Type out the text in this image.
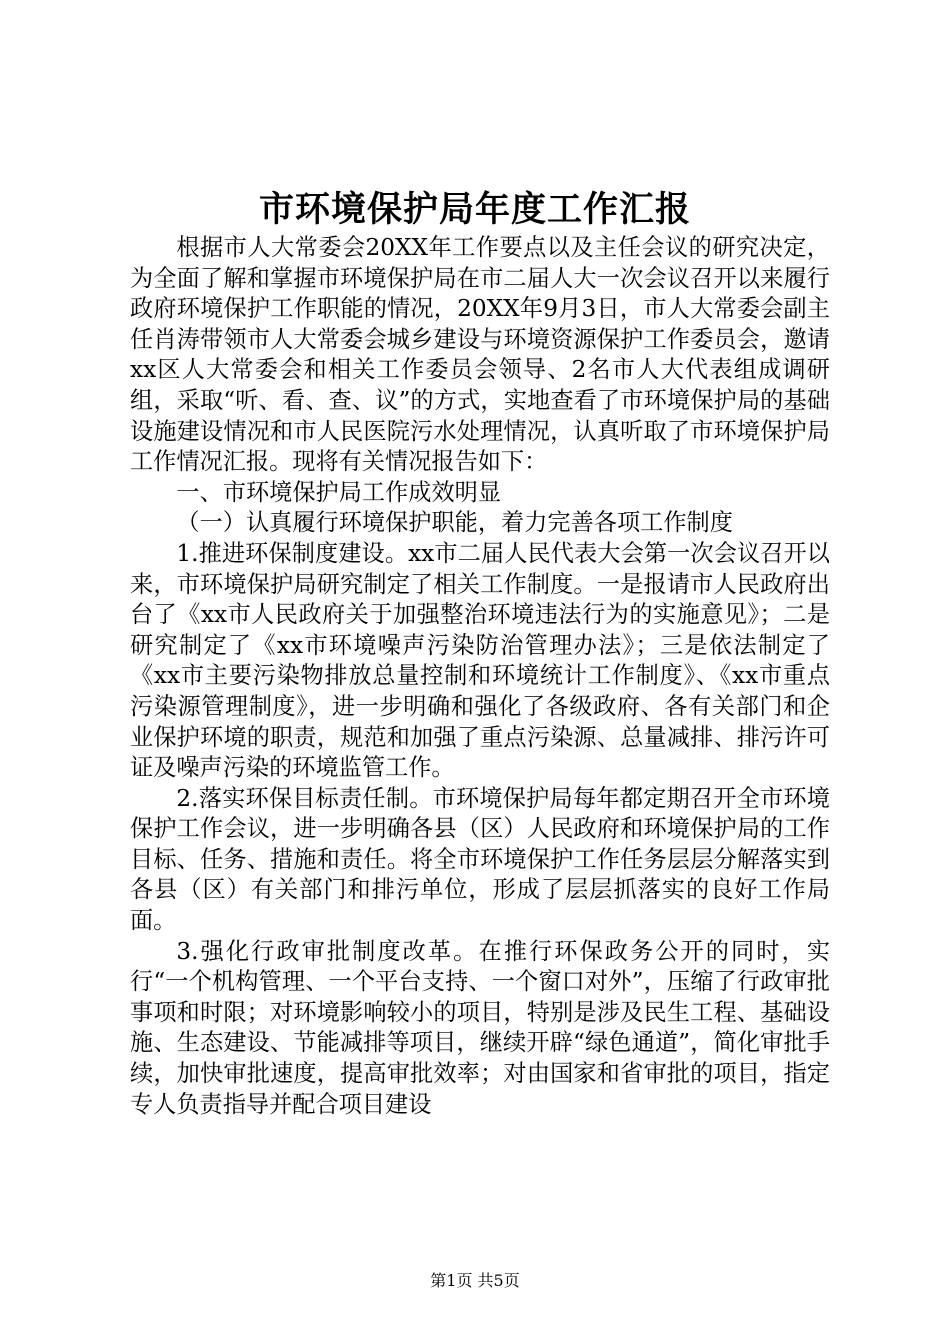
市环境保护局年度工作汇报

根据市人大常委会20XX年工作要点以及主任会议的研究决定，为全面了解和掌握市环境保护局在市二届人大一次会议召开以来履行政府环境保护工作职能的情况，20XX年9月3日，市人大常委会副主任肖涛带领市人大常委会城乡建设与环境资源保护工作委员会，邀请xx区人大常委会和相关工作委员会领导、2名市人大代表组成调研组，采取“听、看、查、议”的方式，实地查看了市环境保护局的基础设施建设情况和市人民医院污水处理情况，认真听取了市环境保护局工作情况汇报。现将有关情况报告如下：

一、市环境保护局工作成效明显

（一）认真履行环境保护职能，着力完善各项工作制度

1.推进环保制度建设。xx市二届人民代表大会第一次会议召开以来，市环境保护局研究制定了相关工作制度。一是报请市人民政府出台了《xx市人民政府关于加强整治环境违法行为的实施意见》；二是研究制定了《xx市环境噪声污染防治管理办法》；三是依法制定了《xx市主要污染物排放总量控制和环境统计工作制度》、《xx市重点污染源管理制度》，进一步明确和强化了各级政府、各有关部门和企业保护环境的职责，规范和加强了重点污染源、总量减排、排污许可证及噪声污染的环境监管工作。

2.落实环保目标责任制。市环境保护局每年都定期召开全市环境保护工作会议，进一步明确各县（区）人民政府和环境保护局的工作目标、任务、措施和责任。将全市环境保护工作任务层层分解落实到各县（区）有关部门和排污单位，形成了层层抓落实的良好工作局面。

3.强化行政审批制度改革。在推行环保政务公开的同时，实行“一个机构管理、一个平台支持、一个窗口对外”，压缩了行政审批事项和时限；对环境影响较小的项目，特别是涉及民生工程、基础设施、生态建设、节能减排等项目，继续开辟“绿色通道”，简化审批手续，加快审批速度，提高审批效率；对由国家和省审批的项目，指定专人负责指导并配合项目建设

第1页 共5页
